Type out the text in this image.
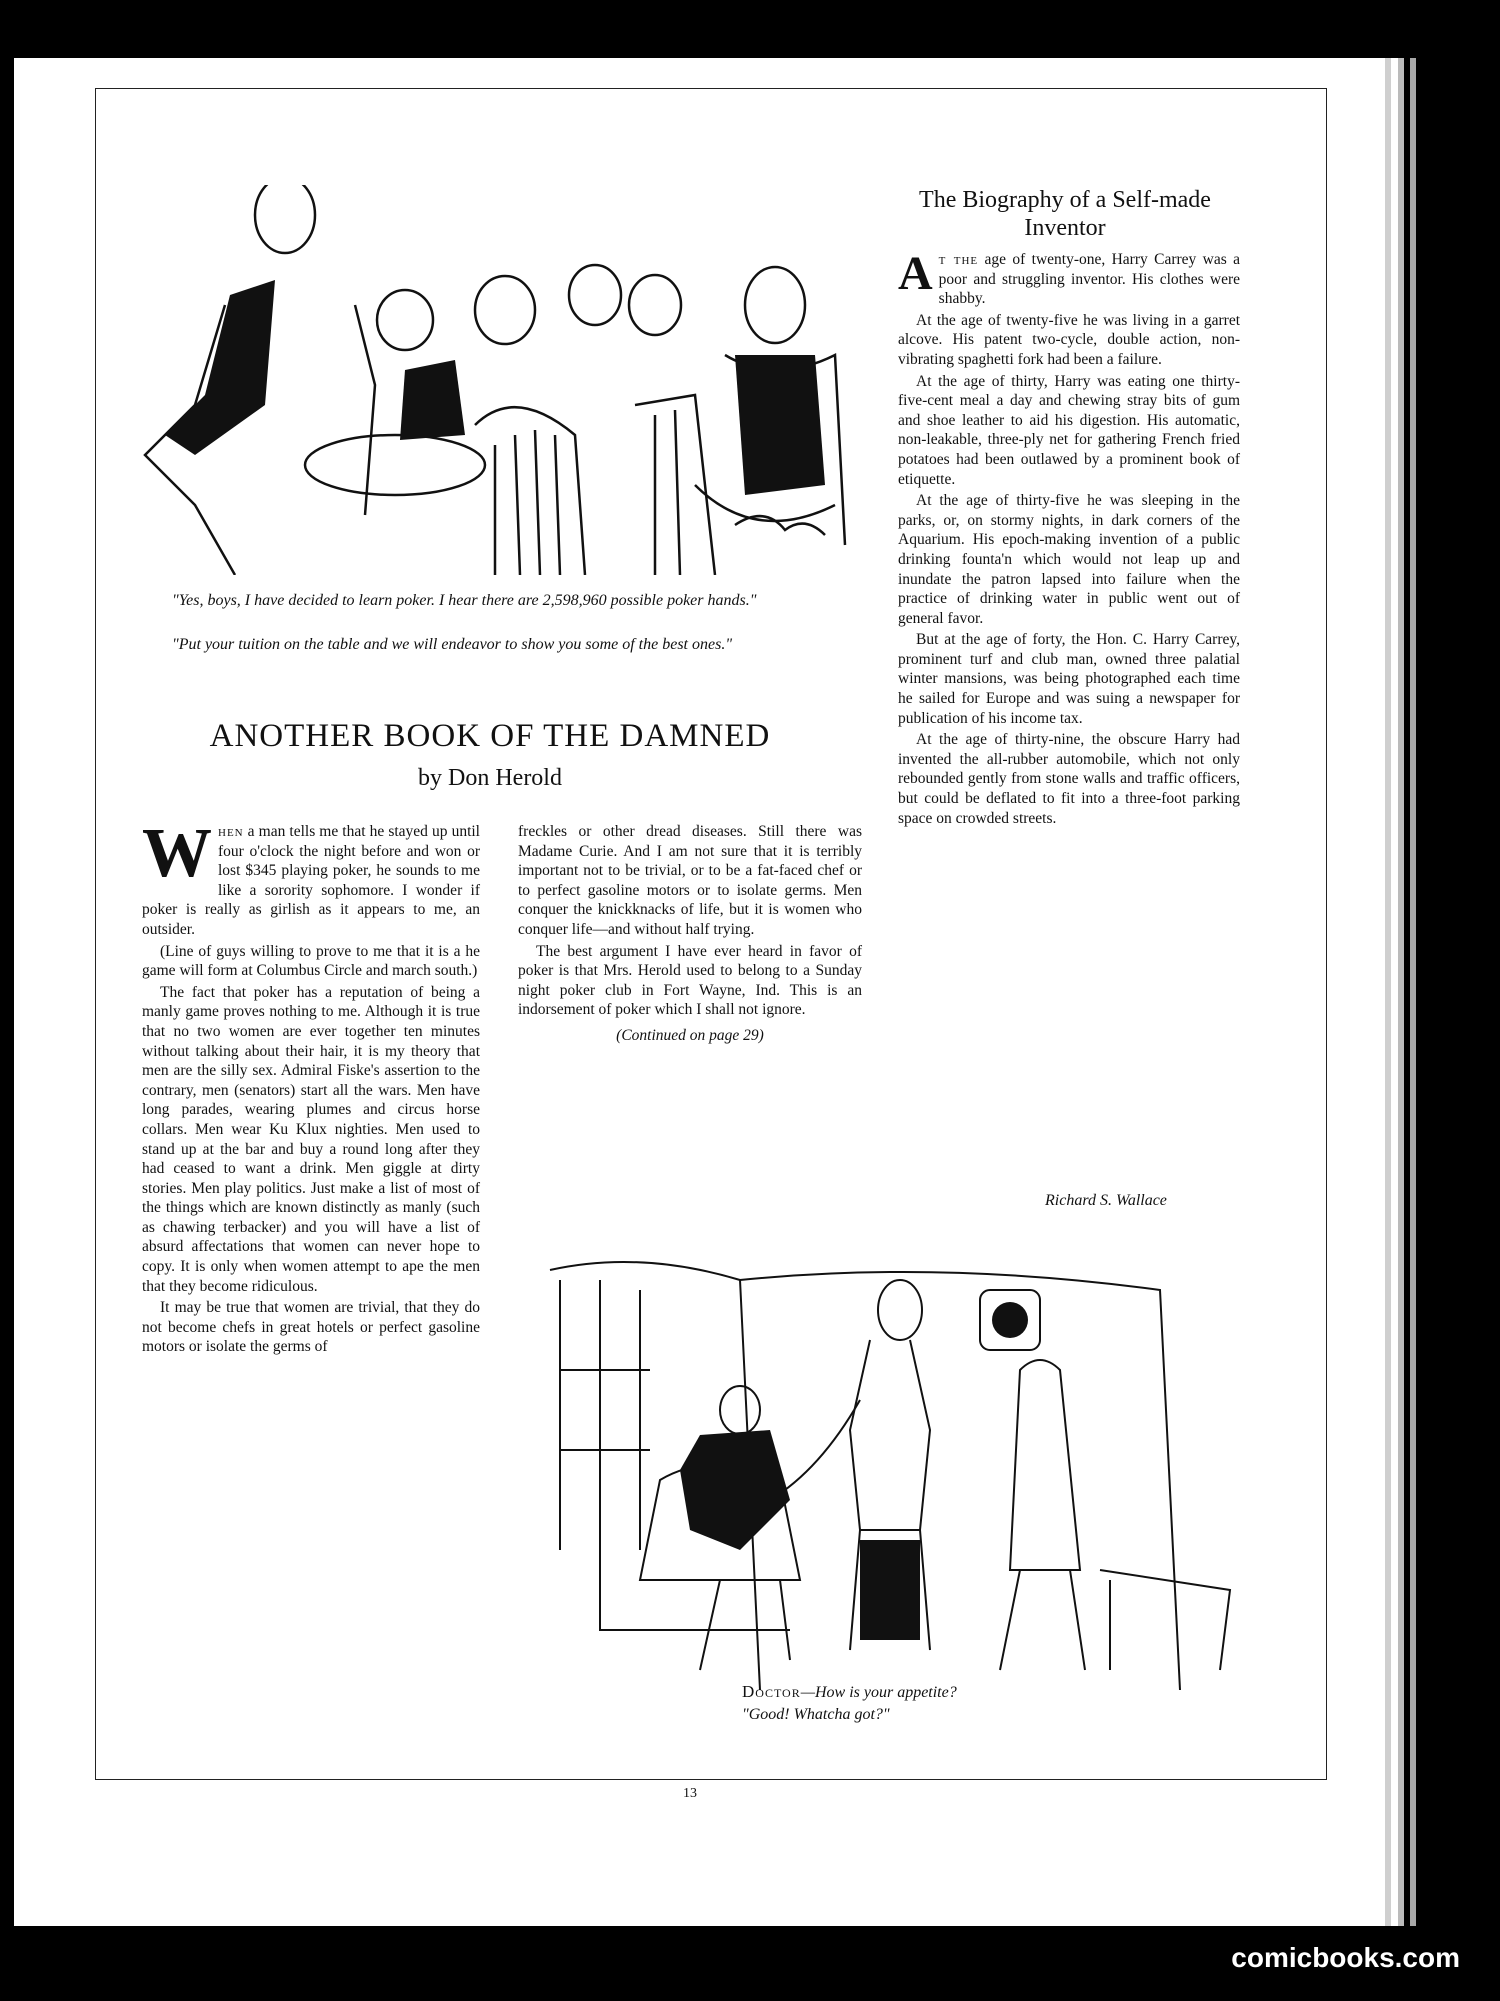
"Yes, boys, I have decided to learn poker. I hear there are 2,598,960 possible poker hands."
"Put your tuition on the table and we will endeavor to show you some of the best ones."
ANOTHER BOOK OF THE DAMNED
by Don Herold

When a man tells me that he stayed up until four o'clock the night before and won or lost $345 playing poker, he sounds to me like a sorority sophomore. I wonder if poker is really as girlish as it appears to me, an outsider.

(Line of guys willing to prove to me that it is a he game will form at Columbus Circle and march south.)

The fact that poker has a reputation of being a manly game proves nothing to me. Although it is true that no two women are ever together ten minutes without talking about their hair, it is my theory that men are the silly sex. Admiral Fiske's assertion to the contrary, men (senators) start all the wars. Men have long parades, wearing plumes and circus horse collars. Men wear Ku Klux nighties. Men used to stand up at the bar and buy a round long after they had ceased to want a drink. Men giggle at dirty stories. Men play politics. Just make a list of most of the things which are known distinctly as manly (such as chawing terbacker) and you will have a list of absurd affectations that women can never hope to copy. It is only when women attempt to ape the men that they become ridiculous.

It may be true that women are trivial, that they do not become chefs in great hotels or perfect gasoline motors or isolate the germs of

freckles or other dread diseases. Still there was Madame Curie. And I am not sure that it is terribly important not to be trivial, or to be a fat-faced chef or to perfect gasoline motors or to isolate germs. Men conquer the knickknacks of life, but it is women who conquer life—and without half trying.

The best argument I have ever heard in favor of poker is that Mrs. Herold used to belong to a Sunday night poker club in Fort Wayne, Ind. This is an indorsement of poker which I shall not ignore.

(Continued on page 29)

The Biography of a Self-made Inventor

At the age of twenty-one, Harry Carrey was a poor and struggling inventor. His clothes were shabby.

At the age of twenty-five he was living in a garret alcove. His patent two-cycle, double action, non-vibrating spaghetti fork had been a failure.

At the age of thirty, Harry was eating one thirty-five-cent meal a day and chewing stray bits of gum and shoe leather to aid his digestion. His automatic, non-leakable, three-ply net for gathering French fried potatoes had been outlawed by a prominent book of etiquette.

At the age of thirty-five he was sleeping in the parks, or, on stormy nights, in dark corners of the Aquarium. His epoch-making invention of a public drinking founta'n which would not leap up and inundate the patron lapsed into failure when the practice of drinking water in public went out of general favor.

But at the age of forty, the Hon. C. Harry Carrey, prominent turf and club man, owned three palatial winter mansions, was being photographed each time he sailed for Europe and was suing a newspaper for publication of his income tax.

At the age of thirty-nine, the obscure Harry had invented the all-rubber automobile, which not only rebounded gently from stone walls and traffic officers, but could be deflated to fit into a three-foot parking space on crowded streets.

Richard S. Wallace
Doctor—How is your appetite?
"Good! Whatcha got?"
13
comicbooks.com
